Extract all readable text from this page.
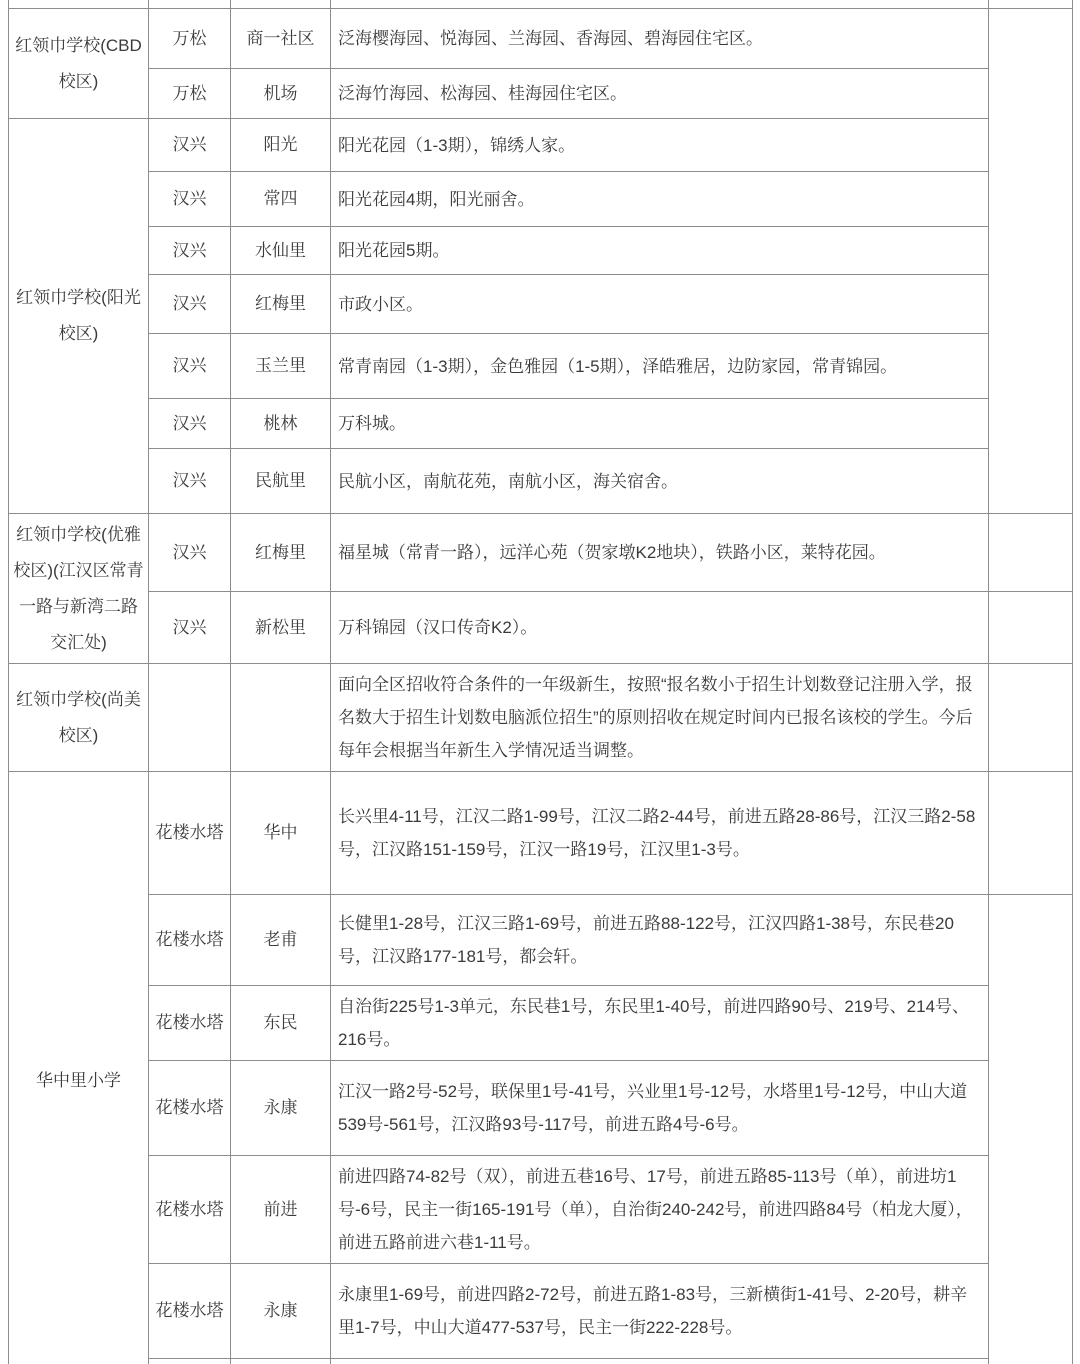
红领巾学校(CBD校区)	万松	商一社区	泛海樱海园、悦海园、兰海园、香海园、碧海园住宅区。	
	万松	机场	泛海竹海园、松海园、桂海园住宅区。	
红领巾学校(阳光校区)	汉兴	阳光	阳光花园（1-3期），锦绣人家。	
	汉兴	常四	阳光花园4期，阳光丽舍。	
	汉兴	水仙里	阳光花园5期。	
	汉兴	红梅里	市政小区。	
	汉兴	玉兰里	常青南园（1-3期），金色雅园（1-5期），泽皓雅居，边防家园，常青锦园。	
	汉兴	桃林	万科城。	
	汉兴	民航里	民航小区，南航花苑，南航小区，海关宿舍。	
红领巾学校(优雅校区)(江汉区常青一路与新湾二路交汇处)	汉兴	红梅里	福星城（常青一路），远洋心苑（贺家墩K2地块），铁路小区，莱特花园。	
	汉兴	新松里	万科锦园（汉口传奇K2）。	
红领巾学校(尚美校区)			面向全区招收符合条件的一年级新生，按照“报名数小于招生计划数登记注册入学，报名数大于招生计划数电脑派位招生”的原则招收在规定时间内已报名该校的学生。今后每年会根据当年新生入学情况适当调整。	
华中里小学	花楼水塔	华中	长兴里4-11号，江汉二路1-99号，江汉二路2-44号，前进五路28-86号，江汉三路2-58号，江汉路151-159号，江汉一路19号，江汉里1-3号。	
	花楼水塔	老甫	长健里1-28号，江汉三路1-69号，前进五路88-122号，江汉四路1-38号，东民巷20号，江汉路177-181号，都会轩。	
	花楼水塔	东民	自治街225号1-3单元，东民巷1号，东民里1-40号，前进四路90号、219号、214号、216号。	
	花楼水塔	永康	江汉一路2号-52号，联保里1号-41号，兴业里1号-12号，水塔里1号-12号，中山大道539号-561号，江汉路93号-117号，前进五路4号-6号。	
	花楼水塔	前进	前进四路74-82号（双），前进五巷16号、17号，前进五路85-113号（单），前进坊1号-6号，民主一街165-191号（单），自治街240-242号，前进四路84号（柏龙大厦），前进五路前进六巷1-11号。	
	花楼水塔	永康	永康里1-69号，前进四路2-72号，前进五路1-83号，三新横街1-41号、2-20号，耕辛里1-7号，中山大道477-537号，民主一街222-228号。	
